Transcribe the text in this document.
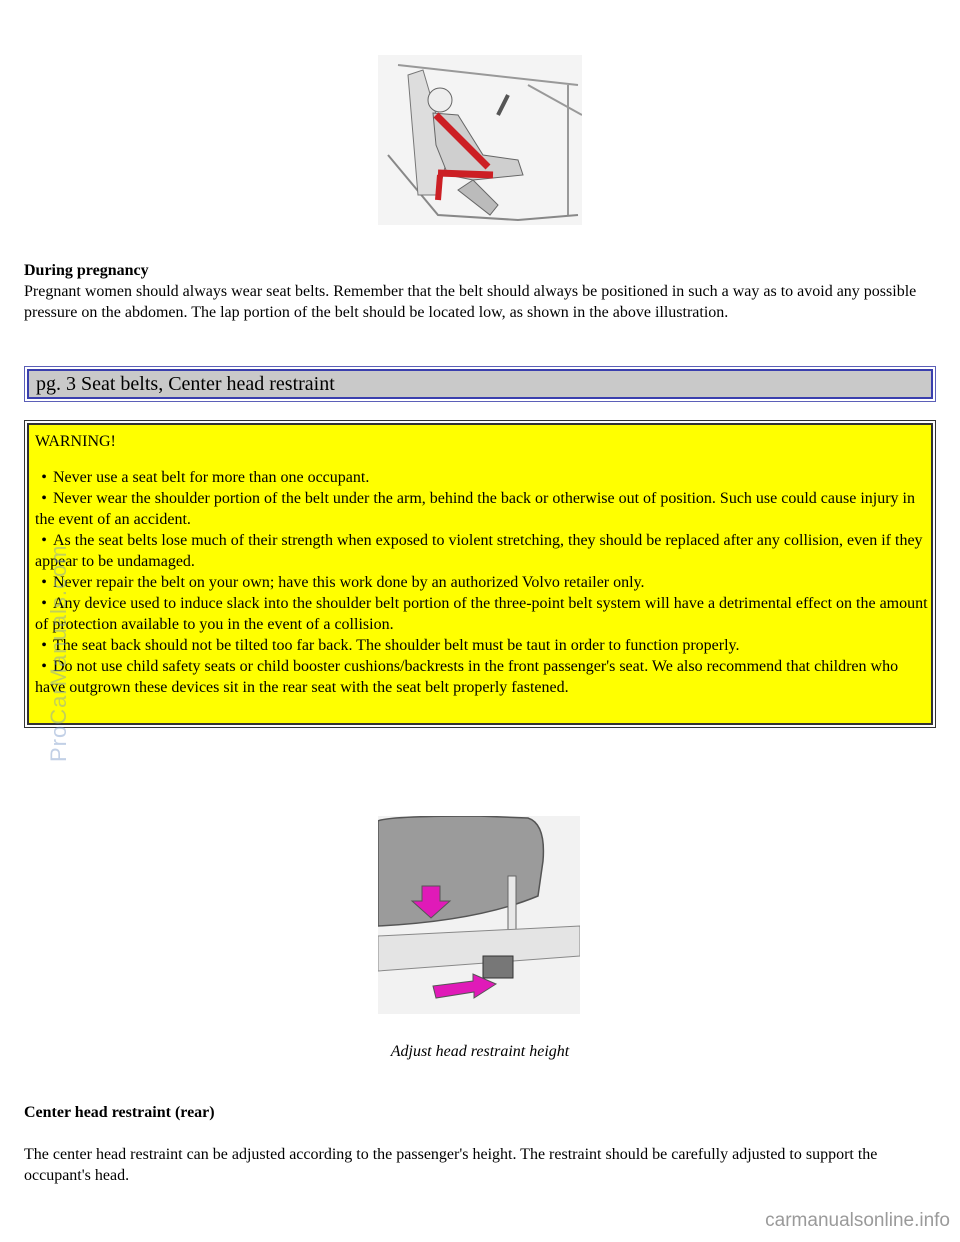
During pregnancy
Pregnant women should always wear seat belts. Remember that the belt should always be positioned in such a way as to avoid any possible pressure on the abdomen. The lap portion of the belt should be located low, as shown in the above illustration.
pg. 3 Seat belts, Center head restraint
WARNING!
• Never use a seat belt for more than one occupant.
• Never wear the shoulder portion of the belt under the arm, behind the back or otherwise out of position. Such use could cause injury in the event of an accident.
• As the seat belts lose much of their strength when exposed to violent stretching, they should be replaced after any collision, even if they appear to be undamaged.
• Never repair the belt on your own; have this work done by an authorized Volvo retailer only.
• Any device used to induce slack into the shoulder belt portion of the three-point belt system will have a detrimental effect on the amount of protection available to you in the event of a collision.
• The seat back should not be tilted too far back. The shoulder belt must be taut in order to function properly.
• Do not use child safety seats or child booster cushions/backrests in the front passenger's seat. We also recommend that children who have outgrown these devices sit in the rear seat with the seat belt properly fastened.
Adjust head restraint height
Center head restraint (rear)
The center head restraint can be adjusted according to the passenger's height. The restraint should be carefully adjusted to support the occupant's head.
ProCarManuals.com
carmanualsonline.info
